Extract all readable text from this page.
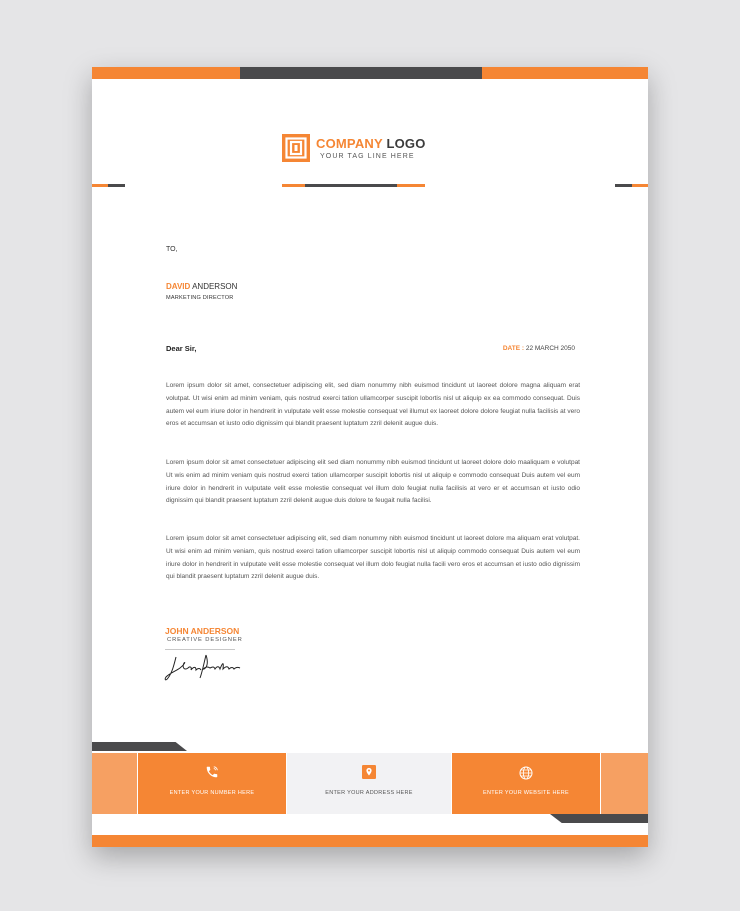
COMPANY LOGO
YOUR TAG LINE HERE
TO,
DAVID ANDERSON
MARKETING DIRECTOR
Dear Sir,	DATE : 22 MARCH 2050

Lorem ipsum dolor sit amet, consectetuer adipiscing elit, sed diam nonummy nibh euismod tincidunt ut laoreet dolore magna aliquam erat volutpat. Ut wisi enim ad minim veniam, quis nostrud exerci tation ullamcorper suscipit lobortis nisl ut aliquip ex ea commodo consequat. Duis autem vel eum iriure dolor in hendrerit in vulputate velit esse molestie consequat vel illumut ex laoreet dolore dolore feugiat nulla facilisis at vero eros et accumsan et iusto odio dignissim qui blandit praesent luptatum zzril delenit augue duis.

Lorem ipsum dolor sit amet consectetuer adipiscing elit sed diam nonummy nibh euismod tincidunt ut laoreet dolore dolo maaliquam e volutpat Ut wis enim ad minim veniam quis nostrud exerci tation ullamcorper suscipit lobortis nisl ut aliquip e commodo consequat Duis autem vel eum iriure dolor in hendrerit in vulputate velit esse molestie consequat vel illum dolo feugiat nulla facilisis at vero er et accumsan et iusto odio dignissim qui blandit praesent luptatum zzril delenit augue duis dolore te feugait nulla facilisi.

Lorem ipsum dolor sit amet consectetuer adipiscing elit, sed diam nonummy nibh euismod tincidunt ut laoreet dolore ma aliquam erat volutpat. Ut wisi enim ad minim veniam, quis nostrud exerci tation ullamcorper suscipit lobortis nisl ut aliquip commodo consequat Duis autem vel eum iriure dolor in hendrerit in vulputate velit esse molestie consequat vel illum dolo feugiat nulla facili vero eros et accumsan et iusto odio dignissim qui blandit praesent luptatum zzril delenit augue duis.

JOHN ANDERSON
CREATIVE DESIGNER
ENTER YOUR NUMBER HERE	ENTER YOUR ADDRESS HERE	ENTER YOUR WEBSITE HERE
